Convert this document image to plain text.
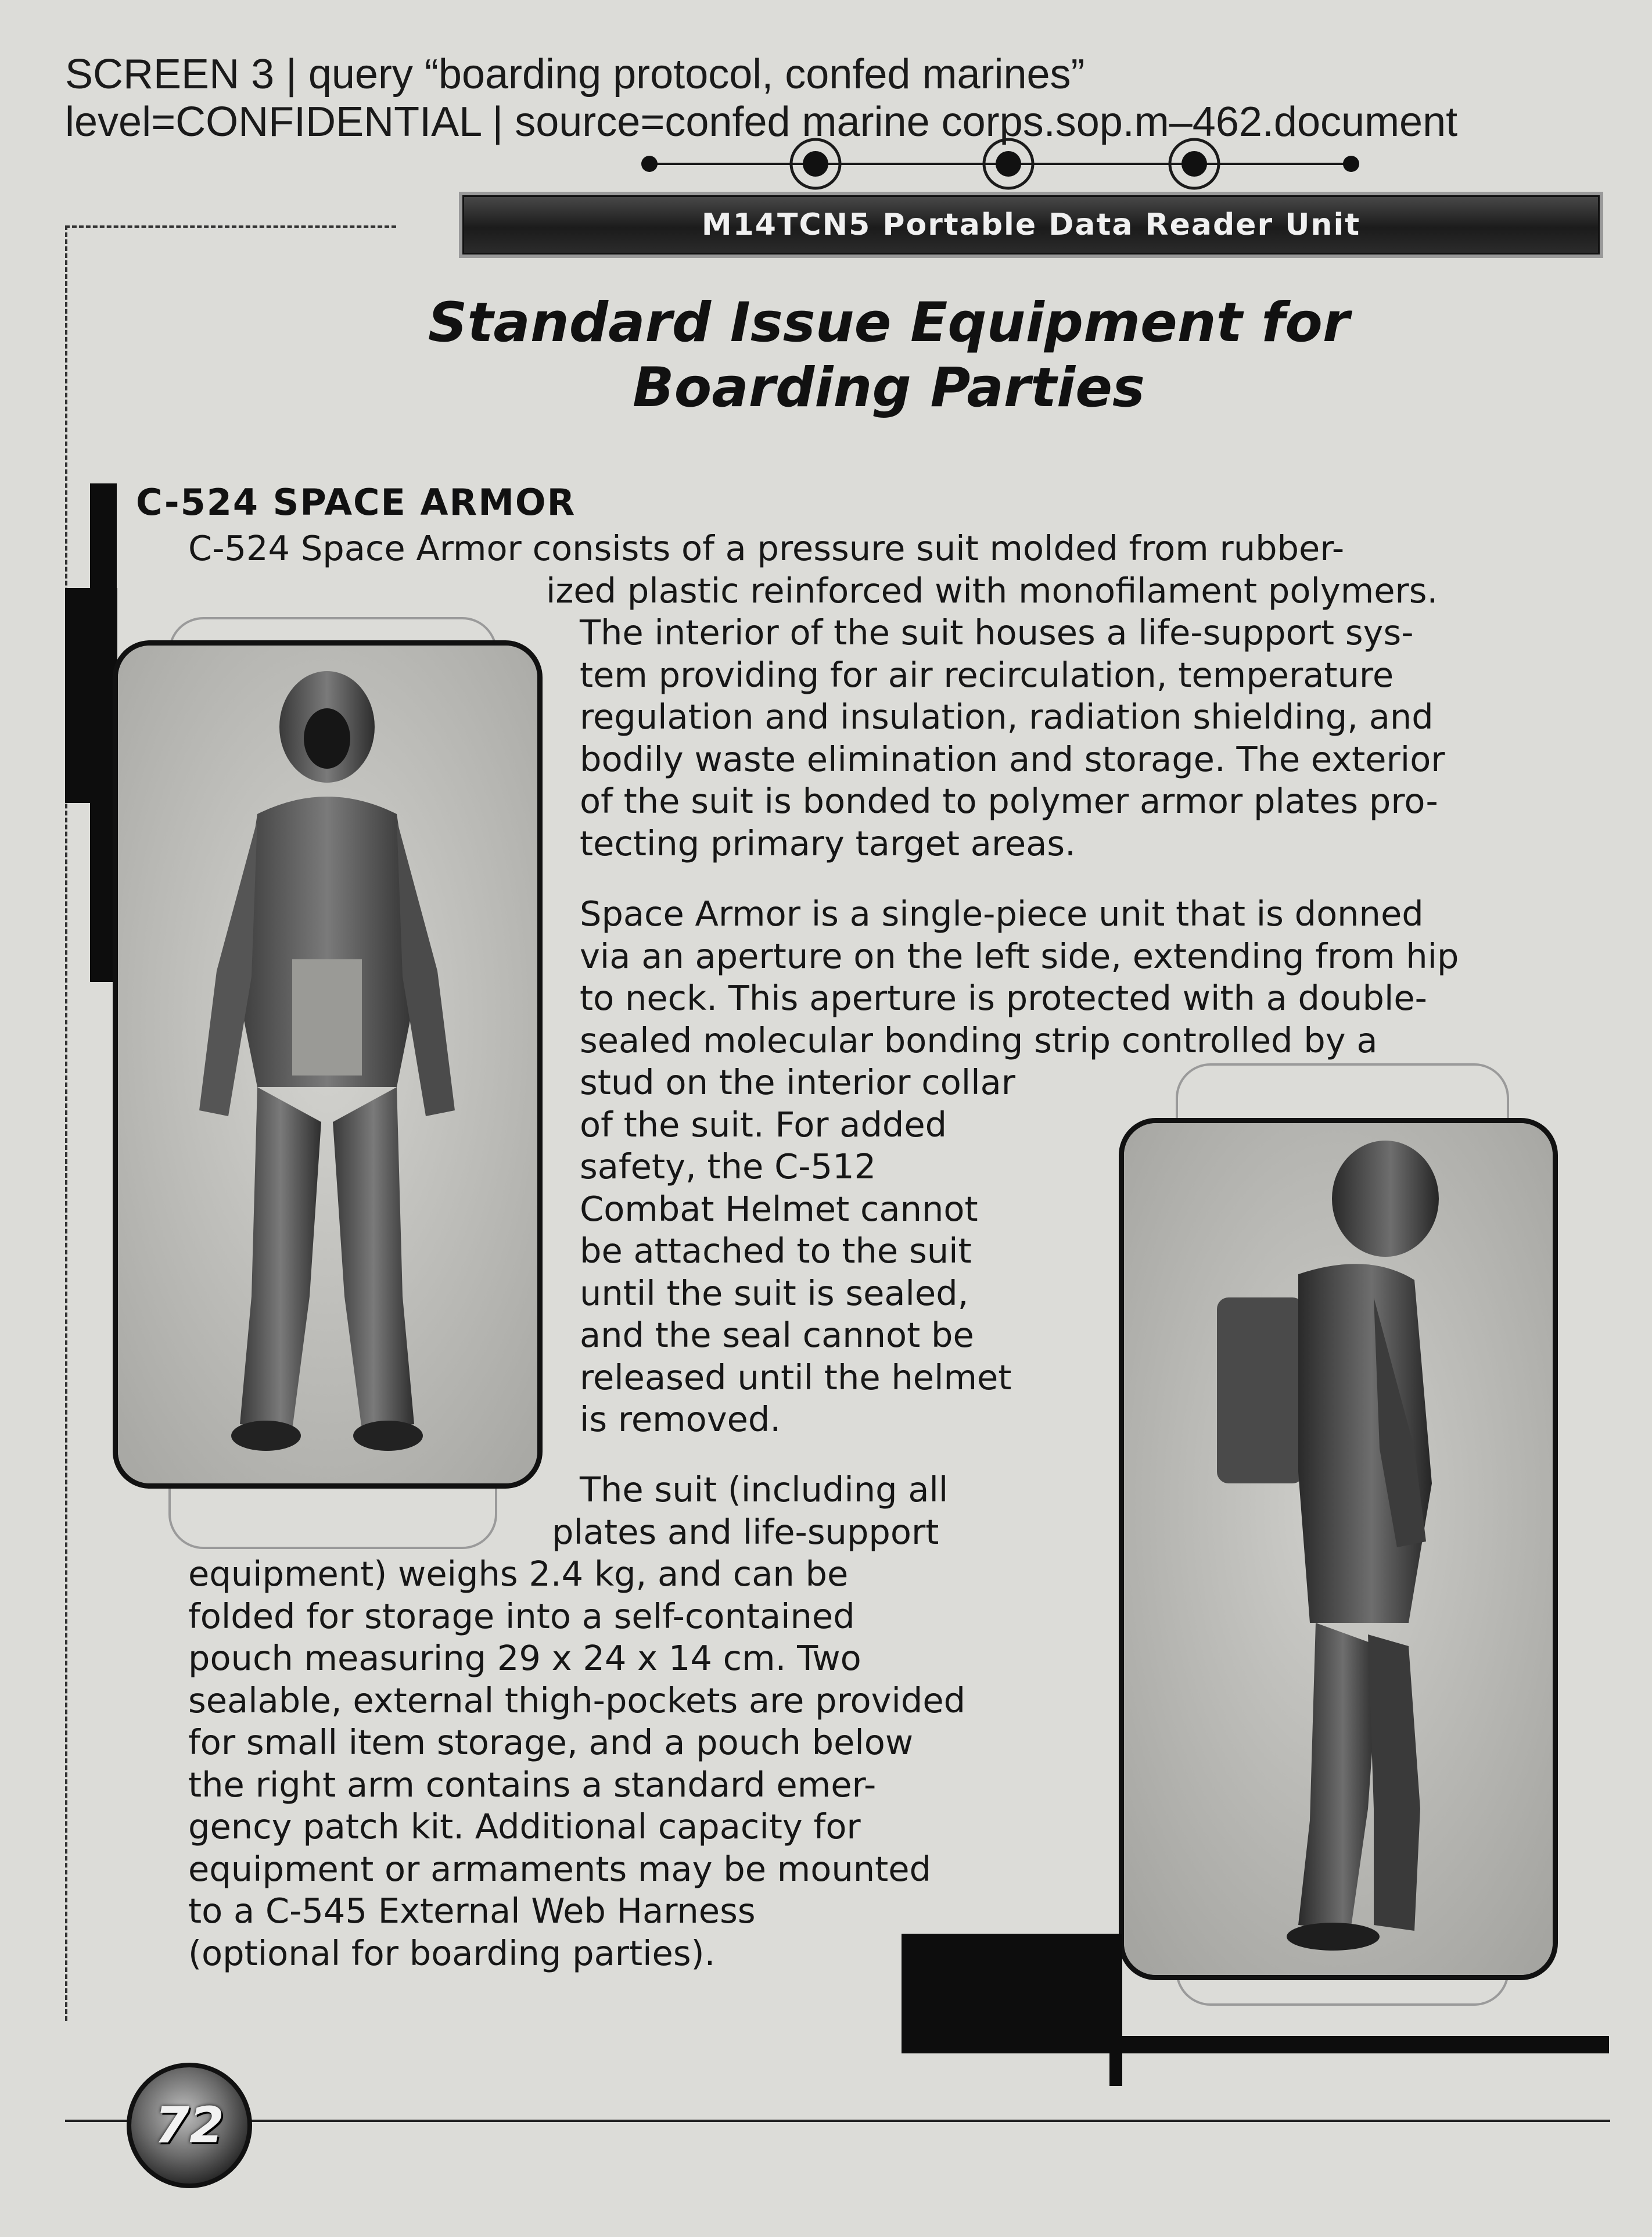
SCREEN 3 | query “boarding protocol, confed marines”
level=CONFIDENTIAL | source=confed marine corps.sop.m–462.document
M14TCN5 Portable Data Reader Unit
Standard Issue Equipment for
Boarding Parties
C-524 SPACE ARMOR
C-524 Space Armor consists of a pressure suit molded from rubber-
ized plastic reinforced with monofilament polymers.
The interior of the suit houses a life-support sys-
tem providing for air recirculation, temperature
regulation and insulation, radiation shielding, and
bodily waste elimination and storage. The exterior
of the suit is bonded to polymer armor plates pro-
tecting primary target areas.
Space Armor is a single-piece unit that is donned
via an aperture on the left side, extending from hip
to neck. This aperture is protected with a double-
sealed molecular bonding strip controlled by a
stud on the interior collar
of the suit. For added
safety, the C-512
Combat Helmet cannot
be attached to the suit
until the suit is sealed,
and the seal cannot be
released until the helmet
is removed.
The suit (including all
plates and life-support
equipment) weighs 2.4 kg, and can be
folded for storage into a self-contained
pouch measuring 29 x 24 x 14 cm. Two
sealable, external thigh-pockets are provided
for small item storage, and a pouch below
the right arm contains a standard emer-
gency patch kit. Additional capacity for
equipment or armaments may be mounted
to a C-545 External Web Harness
(optional for boarding parties).
72
